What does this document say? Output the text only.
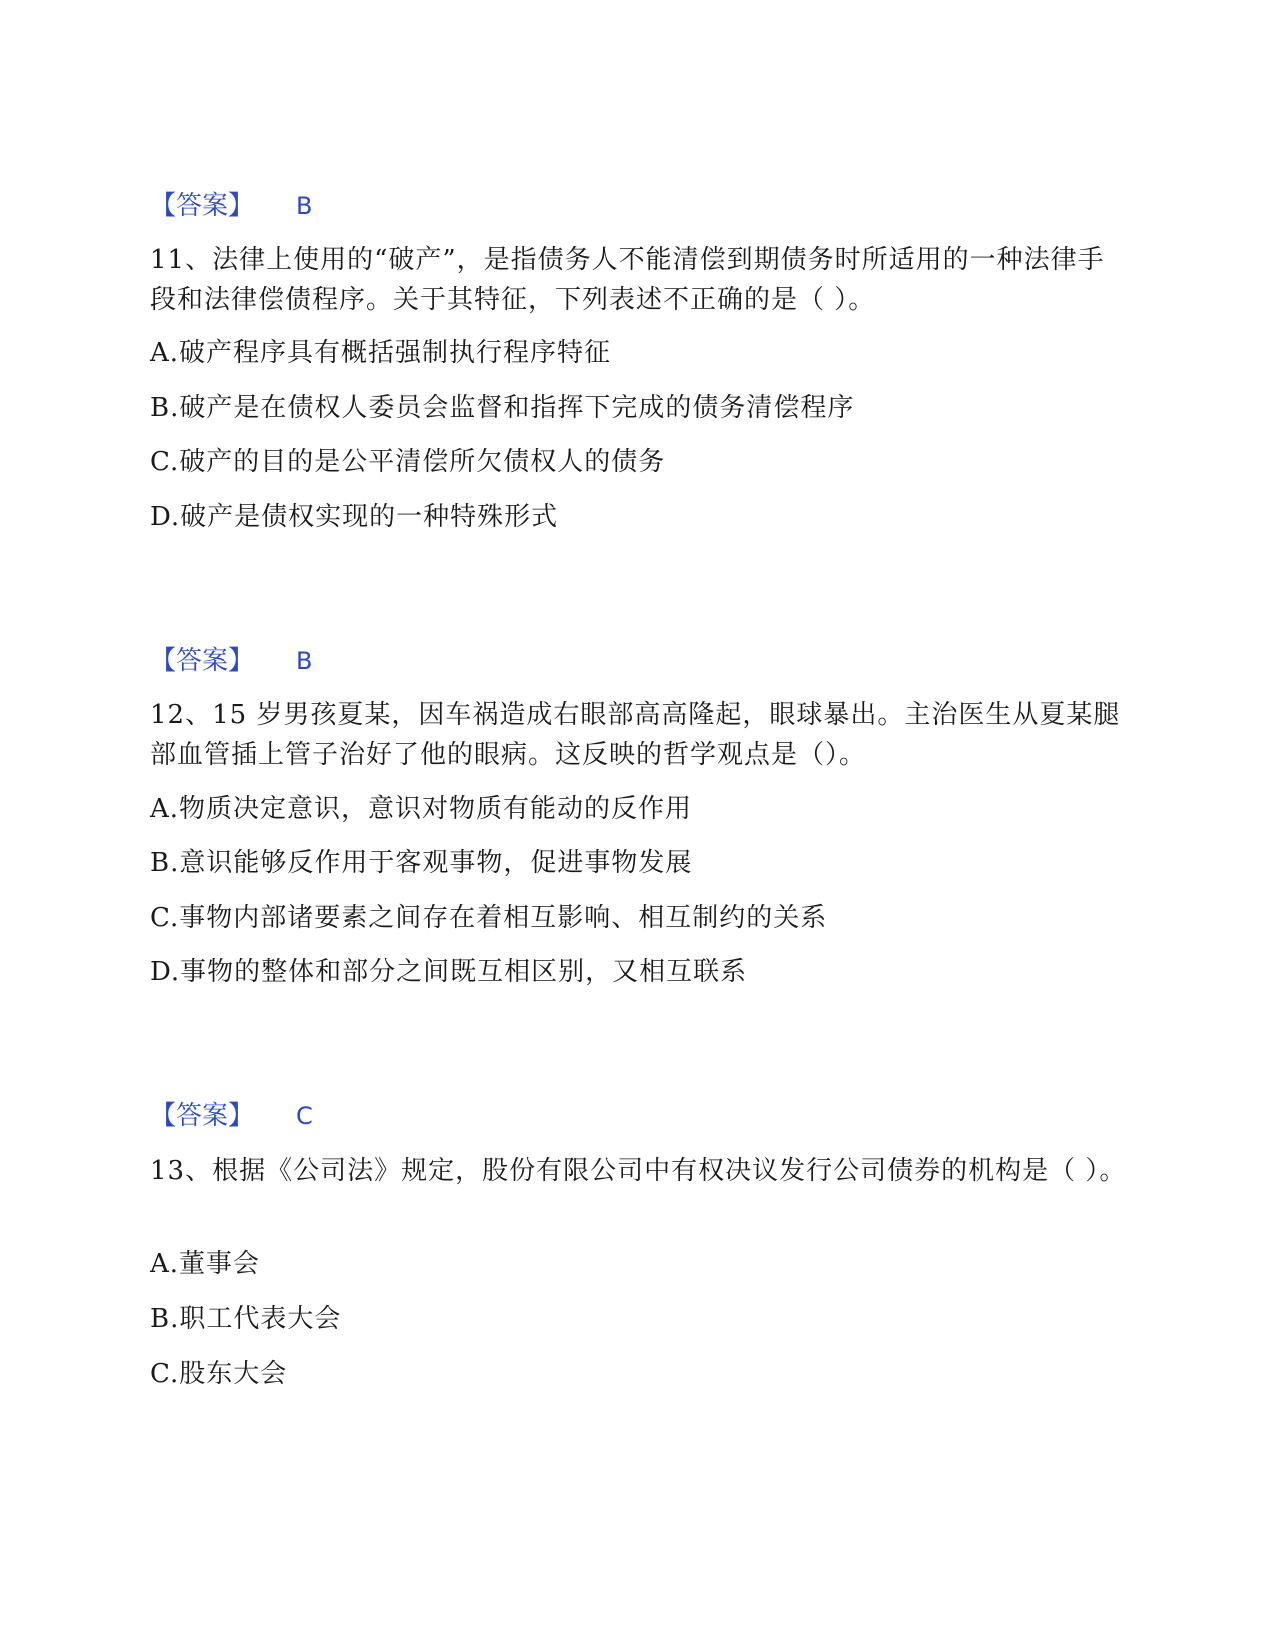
【答案】 B
11、法律上使用的“破产”，是指债务人不能清偿到期债务时所适用的一种法律手段和法律偿债程序。关于其特征，下列表述不正确的是（ ）。
A.破产程序具有概括强制执行程序特征
B.破产是在债权人委员会监督和指挥下完成的债务清偿程序
C.破产的目的是公平清偿所欠债权人的债务
D.破产是债权实现的一种特殊形式
【答案】 B
12、15 岁男孩夏某，因车祸造成右眼部高高隆起，眼球暴出。主治医生从夏某腿部血管插上管子治好了他的眼病。这反映的哲学观点是（）。
A.物质决定意识，意识对物质有能动的反作用
B.意识能够反作用于客观事物，促进事物发展
C.事物内部诸要素之间存在着相互影响、相互制约的关系
D.事物的整体和部分之间既互相区别，又相互联系
【答案】 C
13、根据《公司法》规定，股份有限公司中有权决议发行公司债券的机构是（ ）。
A.董事会
B.职工代表大会
C.股东大会
